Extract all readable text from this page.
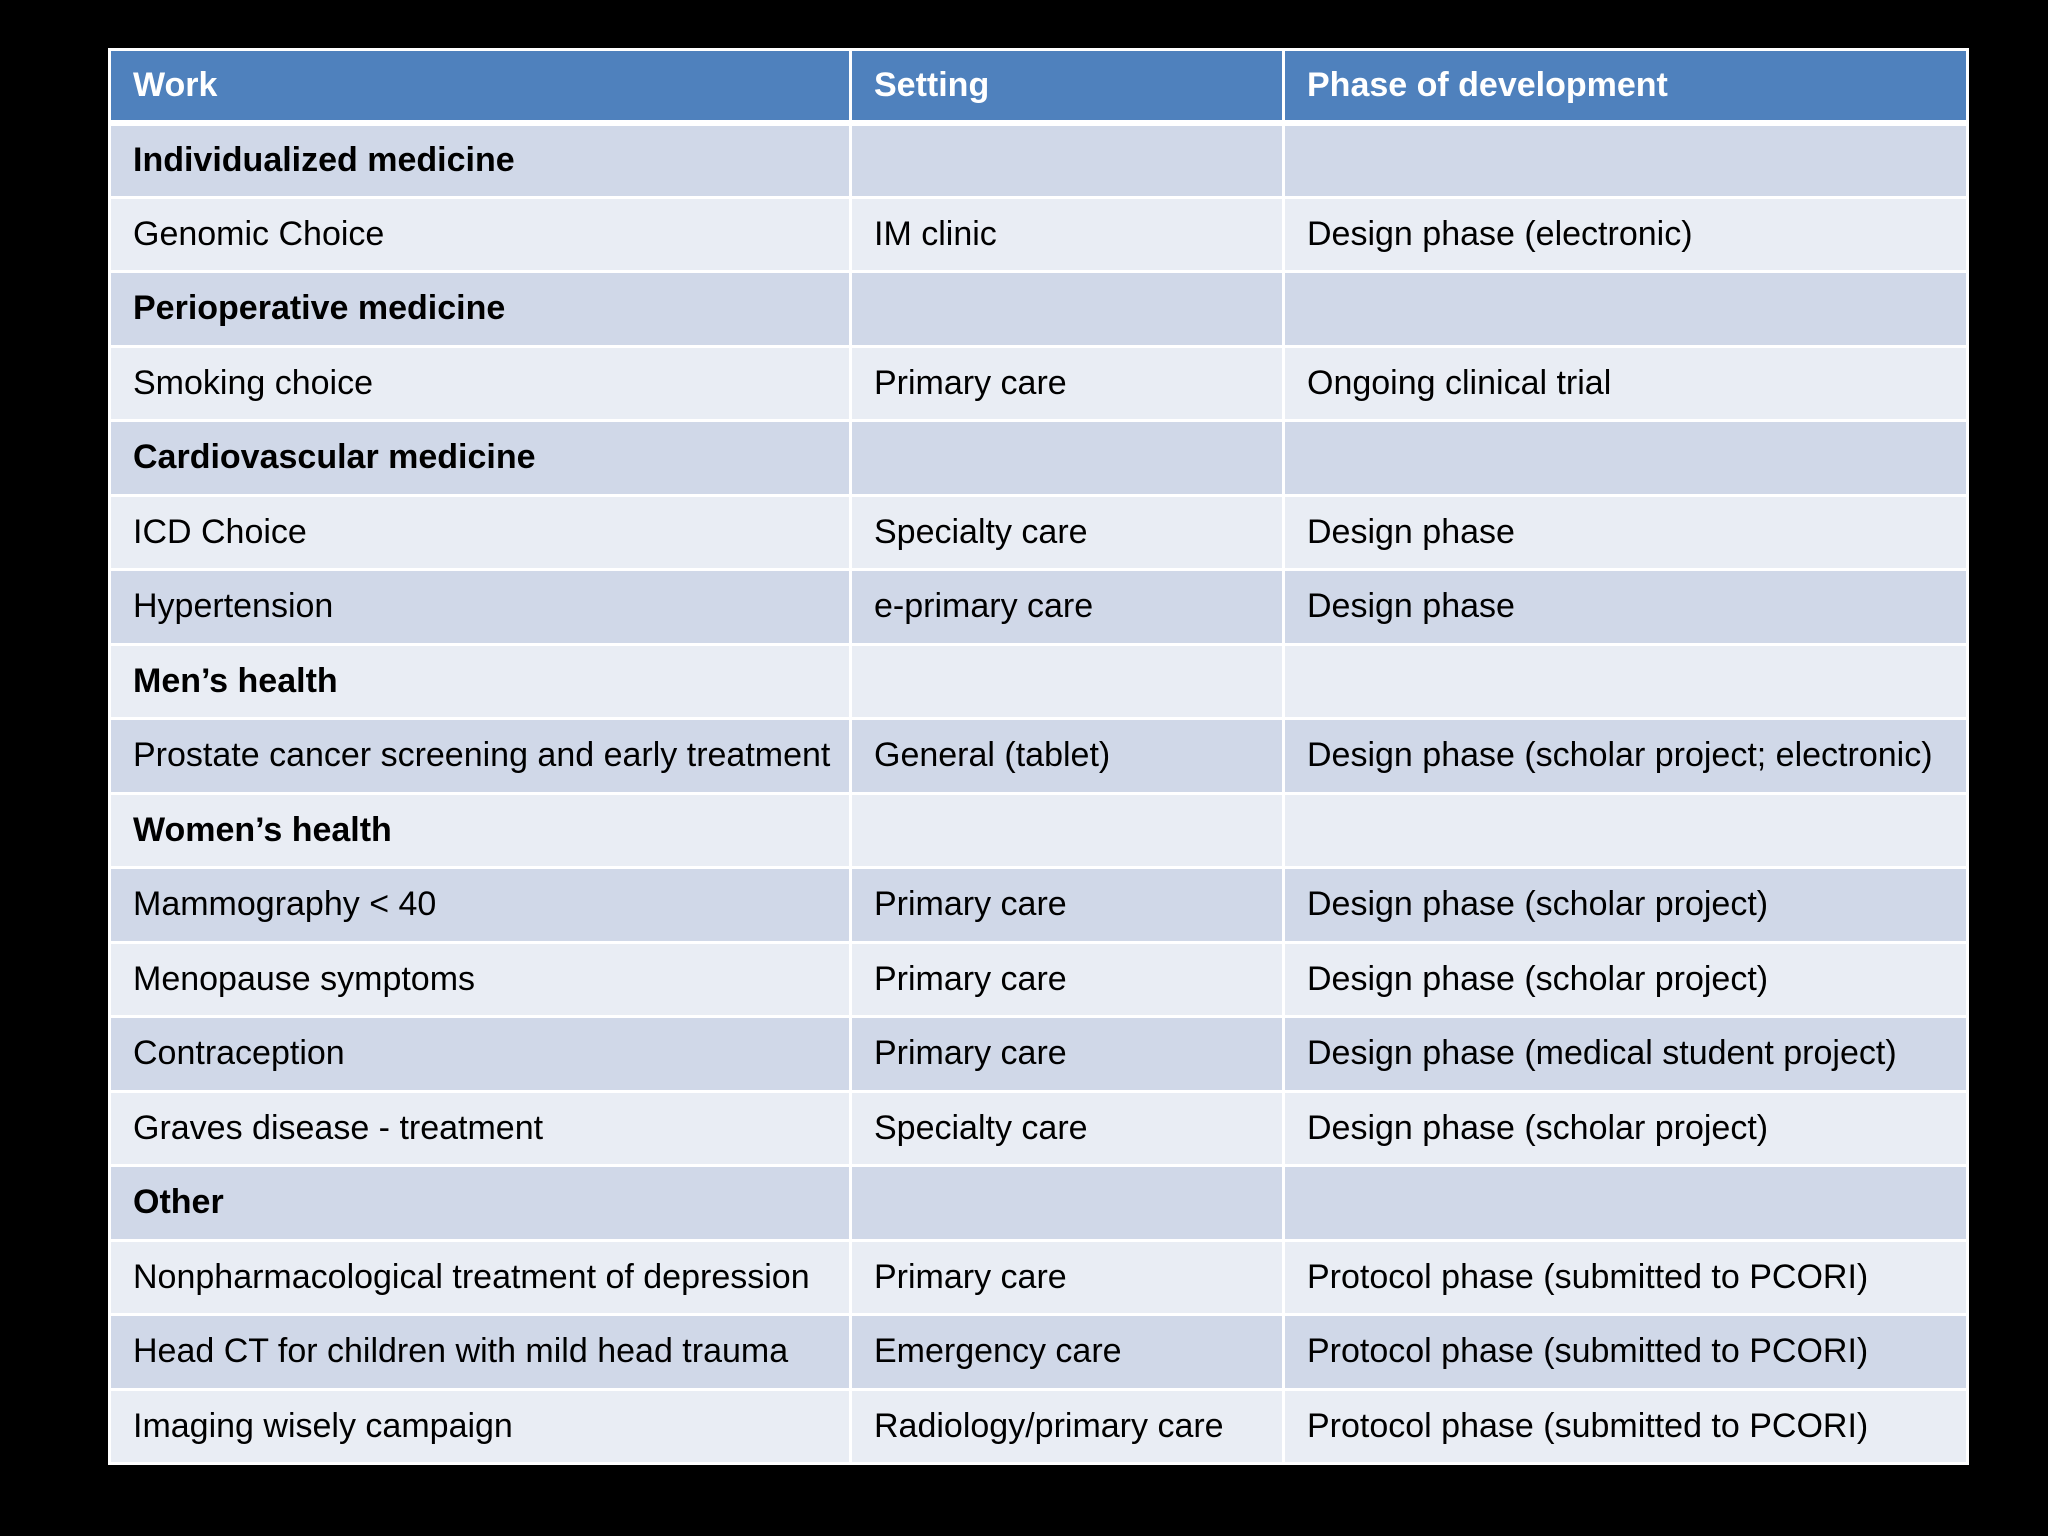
Work	Setting	Phase of development
Individualized medicine		
Genomic Choice	IM clinic	Design phase (electronic)
Perioperative medicine		
Smoking choice	Primary care	Ongoing clinical trial
Cardiovascular medicine		
ICD Choice	Specialty care	Design phase
Hypertension	e-primary care	Design phase
Men’s health		
Prostate cancer screening and early treatment	General (tablet)	Design phase (scholar project; electronic)
Women’s health		
Mammography < 40	Primary care	Design phase (scholar project)
Menopause symptoms	Primary care	Design phase (scholar project)
Contraception	Primary care	Design phase (medical student project)
Graves disease - treatment	Specialty care	Design phase (scholar project)
Other		
Nonpharmacological treatment of depression	Primary care	Protocol phase (submitted to PCORI)
Head CT for children with mild head trauma	Emergency care	Protocol phase (submitted to PCORI)
Imaging wisely campaign	Radiology/primary care	Protocol phase (submitted to PCORI)
